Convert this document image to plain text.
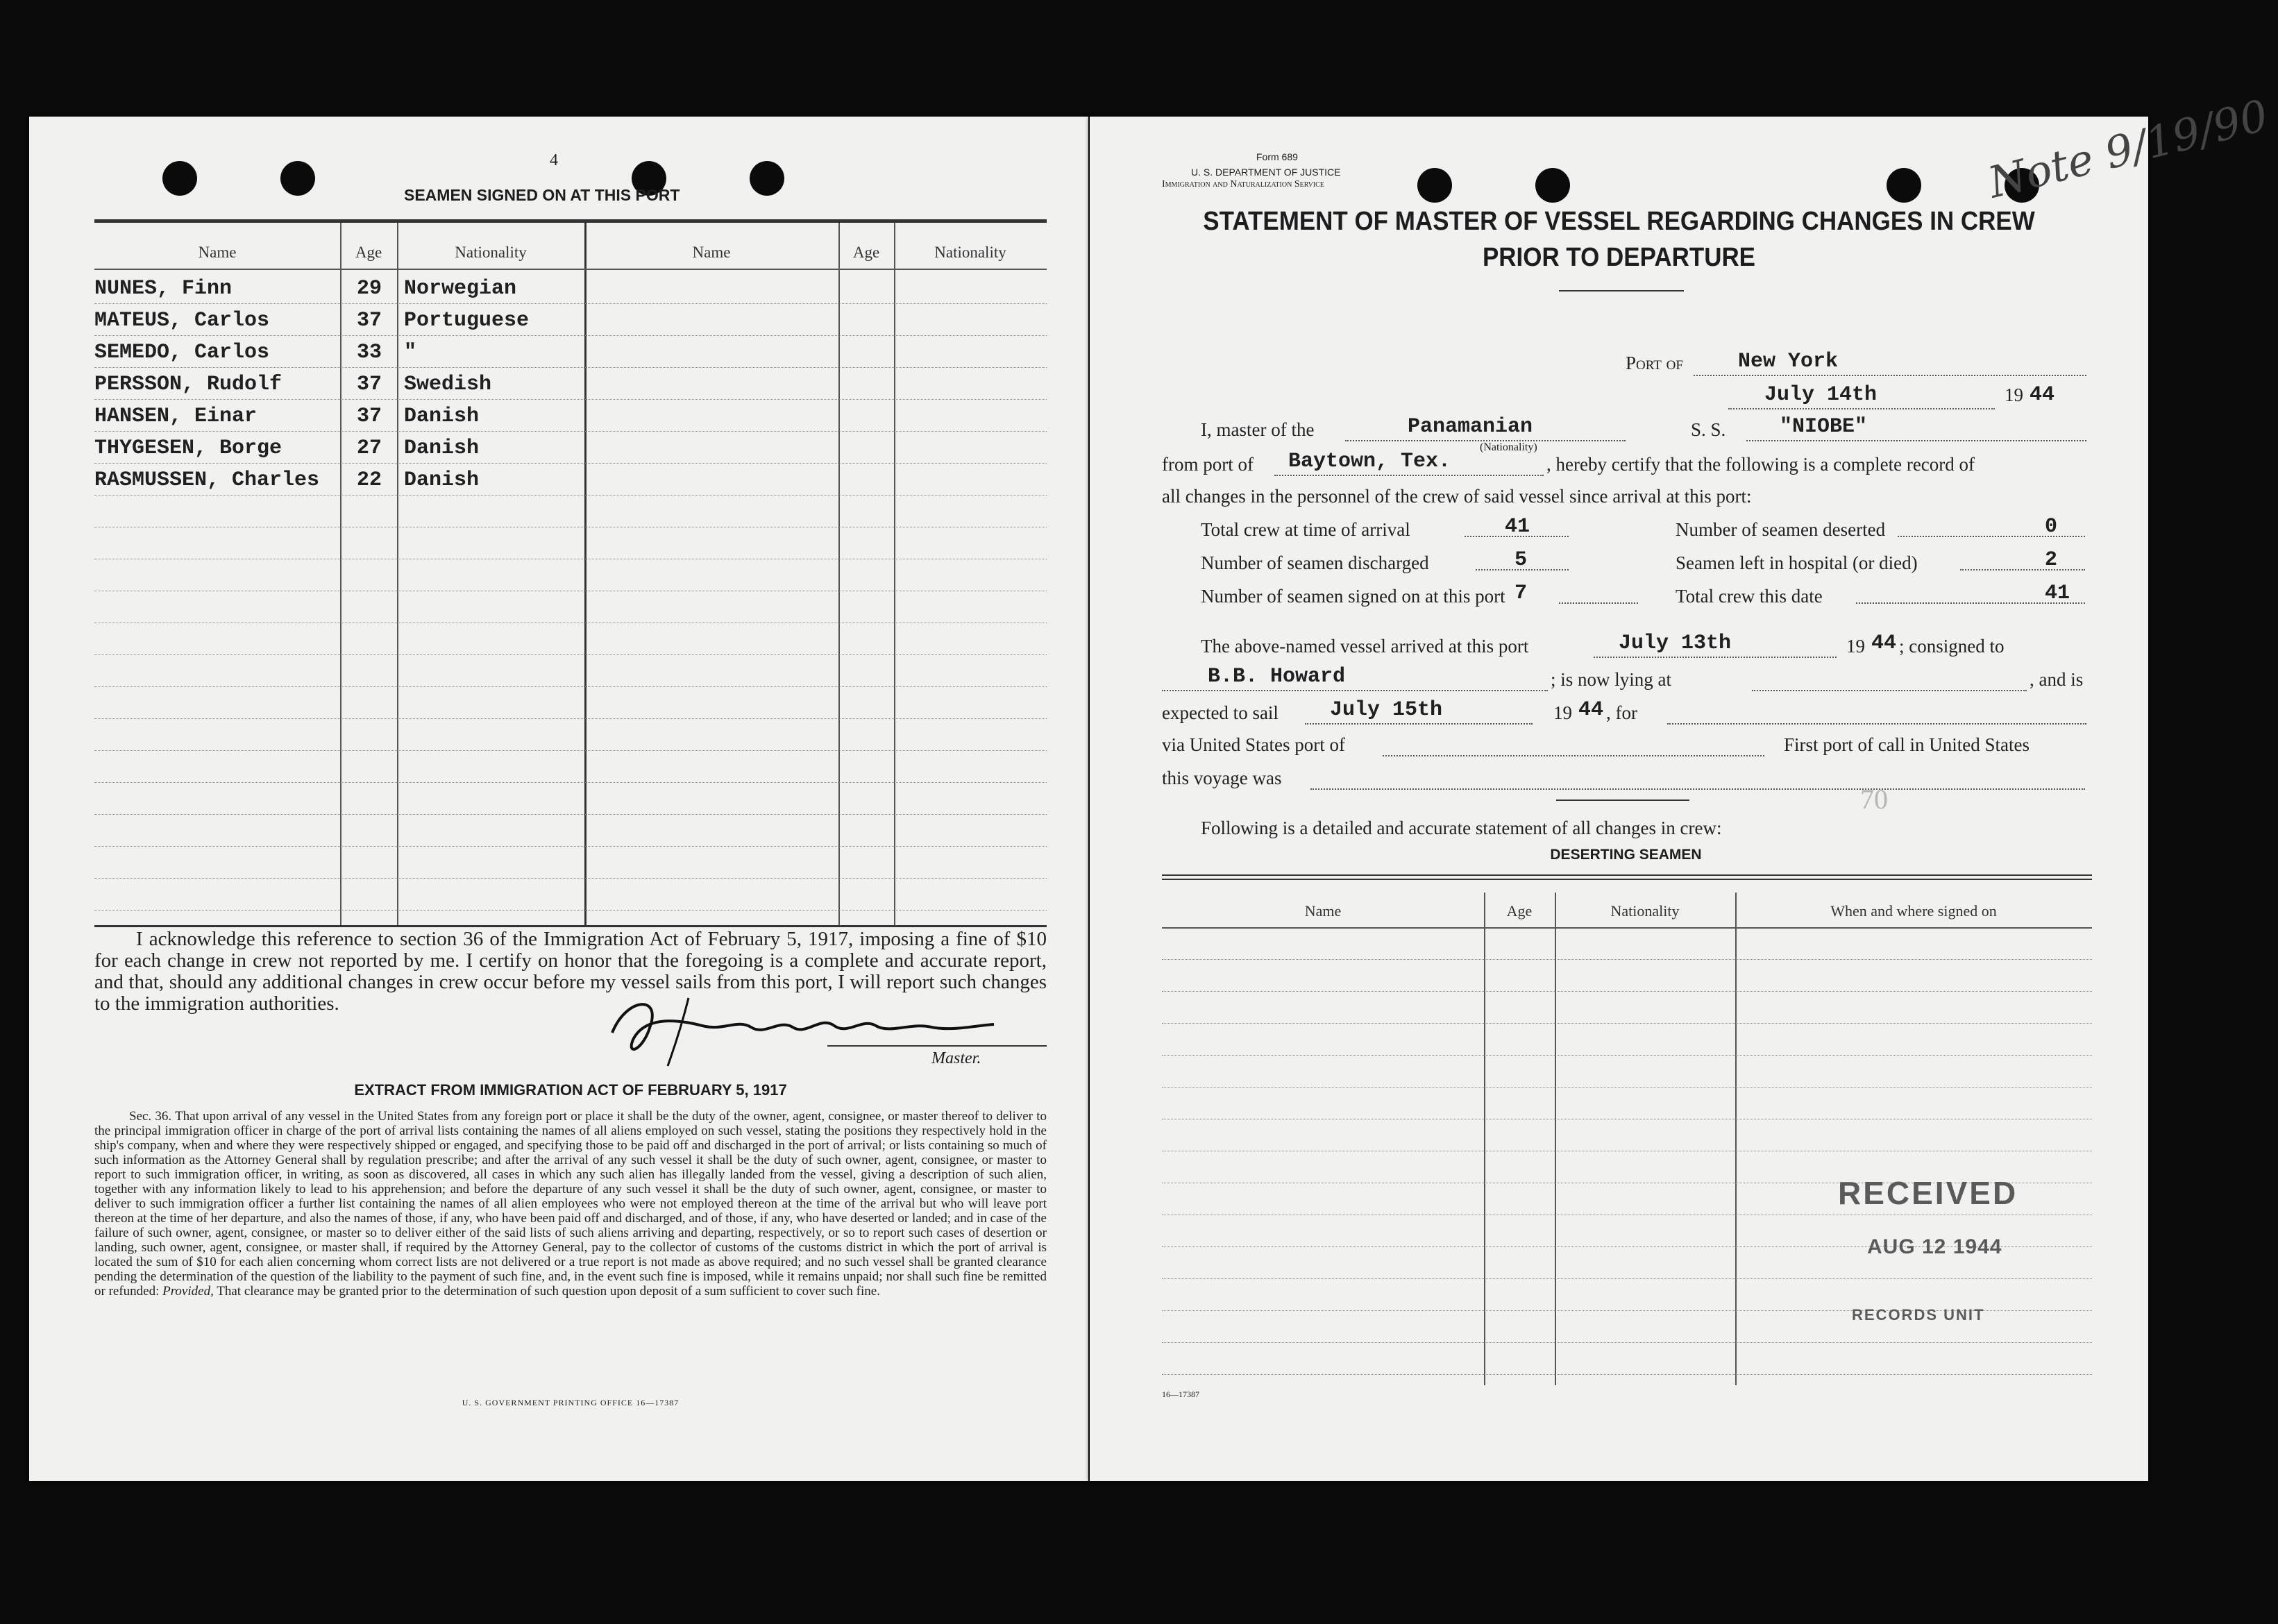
4
SEAMEN SIGNED ON AT THIS PORT
Name	Age	Nationality	Name	Age	Nationality
NUNES, Finn	29 Norwegian
MATEUS, Carlos	37 Portuguese
SEMEDO, Carlos	33 "
PERSSON, Rudolf	37 Swedish
HANSEN, Einar	37 Danish
THYGESEN, Borge	27 Danish
RASMUSSEN, Charles 22 Danish
I acknowledge this reference to section 36 of the Immigration Act of February 5, 1917, imposing a fine of $10 for each change in crew not reported by me. I certify on honor that the foregoing is a complete and accurate report, and that, should any additional changes in crew occur before my vessel sails from this port, I will report such changes to the immigration authorities.
Master.
EXTRACT FROM IMMIGRATION ACT OF FEBRUARY 5, 1917
Sec. 36. That upon arrival of any vessel in the United States from any foreign port or place it shall be the duty of the owner, agent, consignee, or master thereof to deliver to the principal immigration officer in charge of the port of arrival lists containing the names of all aliens employed on such vessel, stating the positions they respectively hold in the ship's company, when and where they were respectively shipped or engaged, and specifying those to be paid off and discharged in the port of arrival; or lists containing so much of such information as the Attorney General shall by regulation prescribe; and after the arrival of any such vessel it shall be the duty of such owner, agent, consignee, or master to report to such immigration officer, in writing, as soon as discovered, all cases in which any such alien has illegally landed from the vessel, giving a description of such alien, together with any information likely to lead to his apprehension; and before the departure of any such vessel it shall be the duty of such owner, agent, consignee, or master to deliver to such immigration officer a further list containing the names of all alien employees who were not employed thereon at the time of the arrival but who will leave port thereon at the time of her departure, and also the names of those, if any, who have been paid off and discharged, and of those, if any, who have deserted or landed; and in case of the failure of such owner, agent, consignee, or master so to deliver either of the said lists of such aliens arriving and departing, respectively, or so to report such cases of desertion or landing, such owner, agent, consignee, or master shall, if required by the Attorney General, pay to the collector of customs of the customs district in which the port of arrival is located the sum of $10 for each alien concerning whom correct lists are not delivered or a true report is not made as above required; and no such vessel shall be granted clearance pending the determination of the question of the liability to the payment of such fine, and, in the event such fine is imposed, while it remains unpaid; nor shall such fine be remitted or refunded: Provided, That clearance may be granted prior to the determination of such question upon deposit of a sum sufficient to cover such fine.
U. S. GOVERNMENT PRINTING OFFICE 16—17387
Form 689
U. S. DEPARTMENT OF JUSTICE
Immigration and Naturalization Service	Note 9/19/90
STATEMENT OF MASTER OF VESSEL REGARDING CHANGES IN CREW
PRIOR TO DEPARTURE
Port of	New York
July 14th	19 44
I, master of the	Panamanian
(Nationality)
S. S.	"NIOBE"
from port of Baytown, Tex.	, hereby certify that the following is a complete record of
all changes in the personnel of the crew of said vessel since arrival at this port:
Total crew at time of arrival	41	Number of seamen deserted	0
Number of seamen discharged	5	Seamen left in hospital (or died)	2
Number of seamen signed on at this port 7	Total crew this date	41
The above-named vessel arrived at this port	July 13th	19 44 ; consigned to
B.B. Howard	; is now lying at	, and is
expected to sail July 15th	19 44 , for
via United States port of	First port of call in United States
this voyage was
70
Following is a detailed and accurate statement of all changes in crew:
DESERTING SEAMEN
Name	Age	Nationality	When and where signed on
RECEIVED
AUG 12 1944
RECORDS UNIT
16—17387
